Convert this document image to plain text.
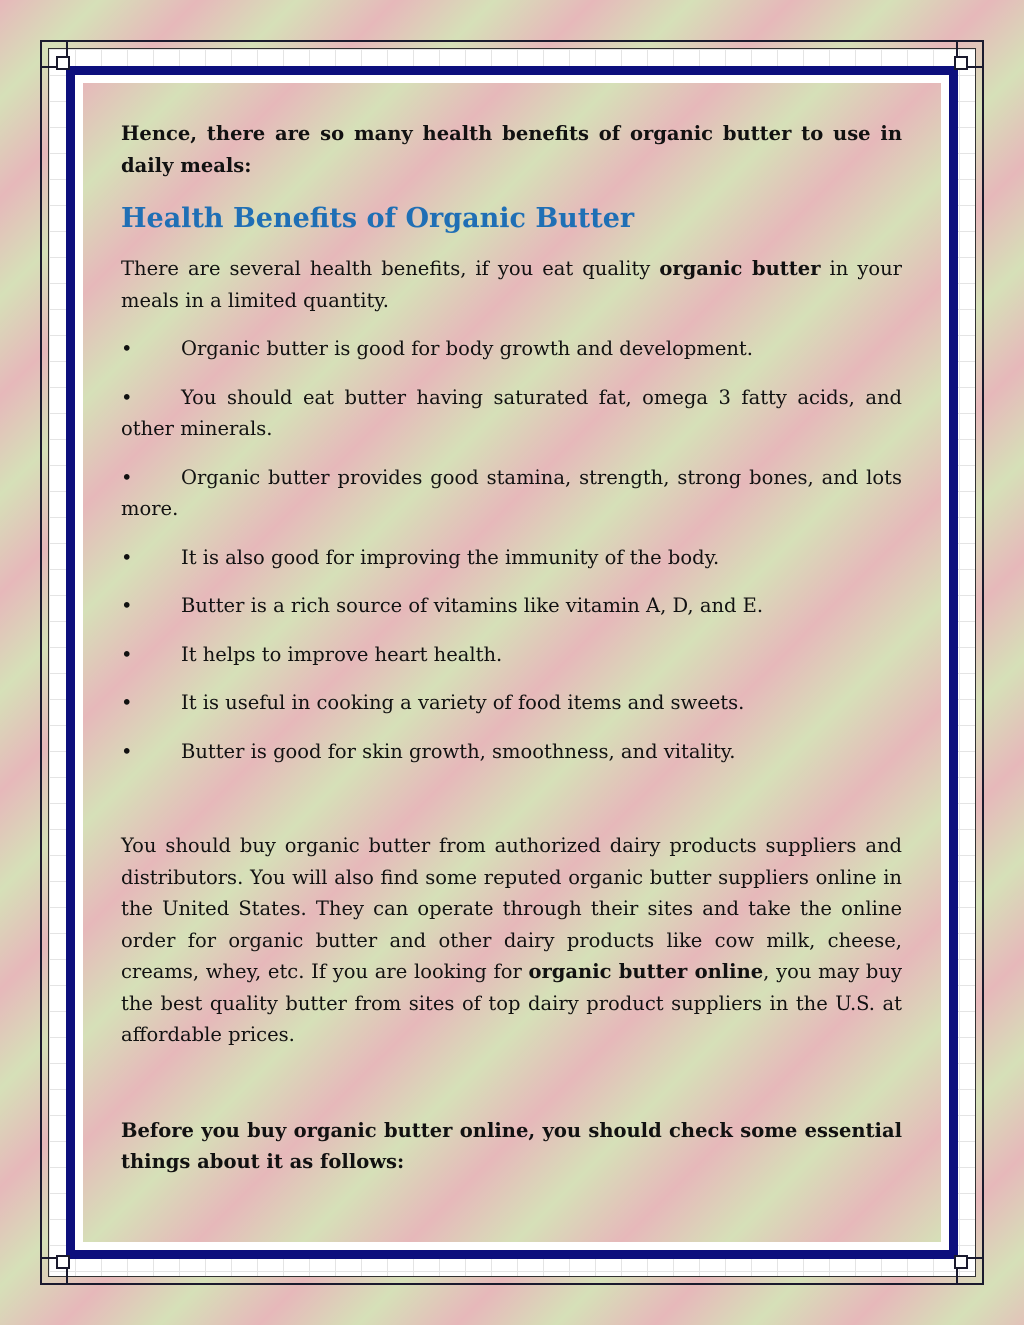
Hence, there are so many health benefits of organic butter to use in daily meals:

Health Benefits of Organic Butter

There are several health benefits, if you eat quality organic butter in your meals in a limited quantity.

•	Organic butter is good for body growth and development.

• You should eat butter having saturated fat, omega 3 fatty acids, and other minerals.

• Organic butter provides good stamina, strength, strong bones, and lots more.

•	It is also good for improving the immunity of the body.
•	Butter is a rich source of vitamins like vitamin A, D, and E.
•	It helps to improve heart health.
•	It is useful in cooking a variety of food items and sweets.
•	Butter is good for skin growth, smoothness, and vitality.

You should buy organic butter from authorized dairy products suppliers and distributors. You will also find some reputed organic butter suppliers online in the United States. They can operate through their sites and take the online order for organic butter and other dairy products like cow milk, cheese, creams, whey, etc. If you are looking for organic butter online, you may buy the best quality butter from sites of top dairy product suppliers in the U.S. at affordable prices.

Before you buy organic butter online, you should check some essential things about it as follows:
